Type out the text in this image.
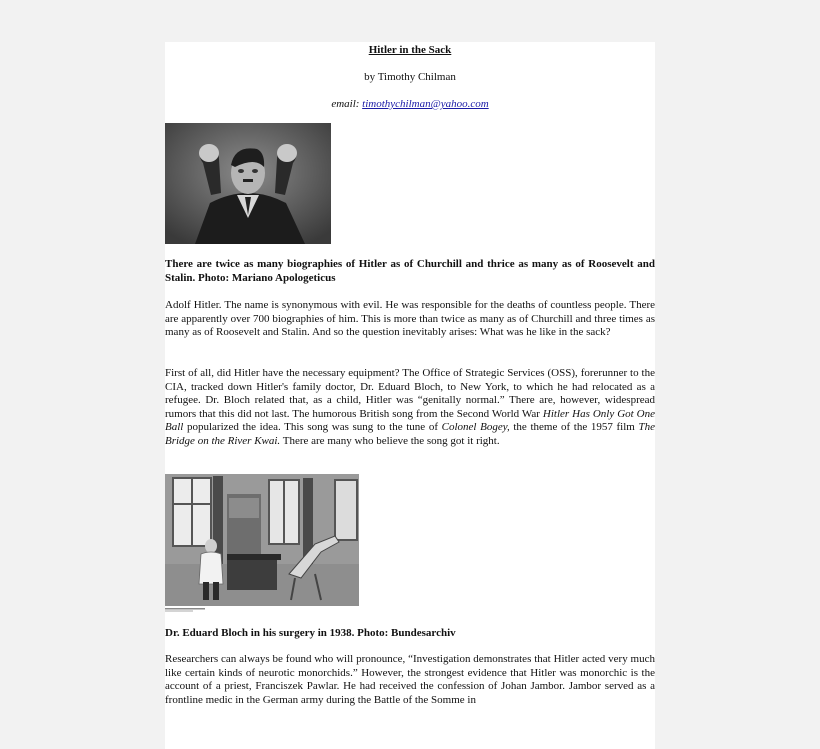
Hitler in the Sack
by Timothy Chilman
email: timothychilman@yahoo.com

There are twice as many biographies of Hitler as of Churchill and thrice as many as of Roosevelt and Stalin. Photo: Mariano Apologeticus

Adolf Hitler. The name is synonymous with evil. He was responsible for the deaths of countless people. There are apparently over 700 biographies of him. This is more than twice as many as of Churchill and three times as many as of Roosevelt and Stalin. And so the question inevitably arises: What was he like in the sack?

First of all, did Hitler have the necessary equipment? The Office of Strategic Services (OSS), forerunner to the CIA, tracked down Hitler's family doctor, Dr. Eduard Bloch, to New York, to which he had relocated as a refugee. Dr. Bloch related that, as a child, Hitler was “genitally normal.” There are, however, widespread rumors that this did not last. The humorous British song from the Second World War Hitler Has Only Got One Ball popularized the idea. This song was sung to the tune of Colonel Bogey, the theme of the 1957 film The Bridge on the River Kwai. There are many who believe the song got it right.

Dr. Eduard Bloch in his surgery in 1938. Photo: Bundesarchiv

Researchers can always be found who will pronounce, “Investigation demonstrates that Hitler acted very much like certain kinds of neurotic monorchids.” However, the strongest evidence that Hitler was monorchic is the account of a priest, Franciszek Pawlar. He had received the confession of Johan Jambor. Jambor served as a frontline medic in the German army during the Battle of the Somme in
